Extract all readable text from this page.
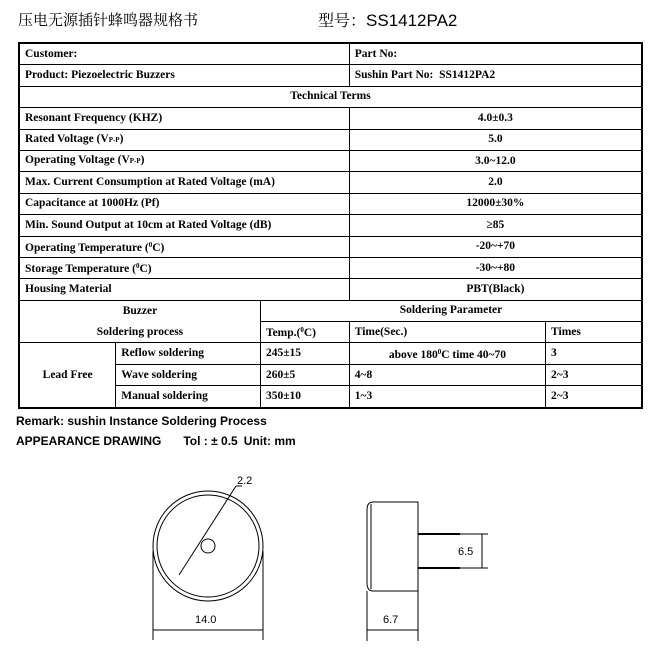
压电无源插针蜂鸣器规格书	型号：SS1412PA2
Customer:			Part No:	
Product: Piezoelectric Buzzers			Sushin Part No: SS1412PA2	
Technical Terms				
Resonant Frequency (KHZ)			4.0±0.3	
Rated Voltage (VP-P)			5.0	
Operating Voltage (VP-P)			3.0~12.0	
Max. Current Consumption at Rated Voltage (mA)			2.0	
Capacitance at 1000Hz (Pf)			12000±30%	
Min. Sound Output at 10cm at Rated Voltage (dB)			≥85	
Operating Temperature ($^0$C)			-20~+70	
Storage Temperature ($^0$C)			-30~+80	
Housing Material			PBT(Black)	
Buzzer		Soldering Parameter		
Soldering process		Temp.($^0$C)	Time(Sec.)	Times
Lead Free	Reflow soldering	245±15	above $180^0C$ time 40~70	3
	Wave soldering	260±5	4~8	2~3
	Manual soldering	350±10	1~3	2~3
Remark: sushin Instance Soldering Process
APPEARANCE DRAWING Tol : ± 0.5 Unit: mm
2.2
14.0
6.5
6.7
